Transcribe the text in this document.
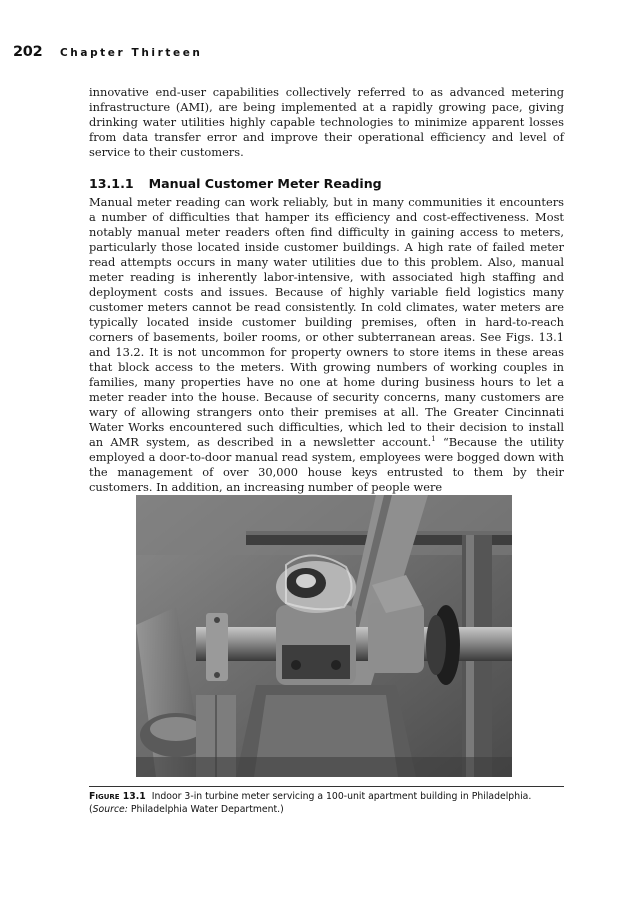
202 Chapter Thirteen

innovative end-user capabilities collectively referred to as advanced metering infrastructure (AMI), are being implemented at a rapidly growing pace, giving drinking water utilities highly capable technologies to minimize apparent losses from data transfer error and improve their operational efficiency and level of service to their customers.

13.1.1 Manual Customer Meter Reading

Manual meter reading can work reliably, but in many communities it encounters a number of difficulties that hamper its efficiency and cost-effectiveness. Most notably manual meter readers often find difficulty in gaining access to meters, particularly those located inside customer buildings. A high rate of failed meter read attempts occurs in many water utilities due to this problem. Also, manual meter reading is inherently labor-intensive, with associated high staffing and deployment costs and issues. Because of highly variable field logistics many customer meters cannot be read consistently. In cold climates, water meters are typically located inside customer building premises, often in hard-to-reach corners of basements, boiler rooms, or other subterranean areas. See Figs. 13.1 and 13.2. It is not uncommon for property owners to store items in these areas that block access to the meters. With growing numbers of working couples in families, many properties have no one at home during business hours to let a meter reader into the house. Because of security concerns, many customers are wary of allowing strangers onto their premises at all. The Greater Cincinnati Water Works encountered such difficulties, which led to their decision to install an AMR system, as described in a newsletter account.$^1$ “Because the utility employed a door-to-door manual read system, employees were bogged down with the management of over 30,000 house keys entrusted to them by their customers. In addition, an increasing number of people were

Figure 13.1 Indoor 3-in turbine meter servicing a 100-unit apartment building in Philadelphia.
(Source: Philadelphia Water Department.)
